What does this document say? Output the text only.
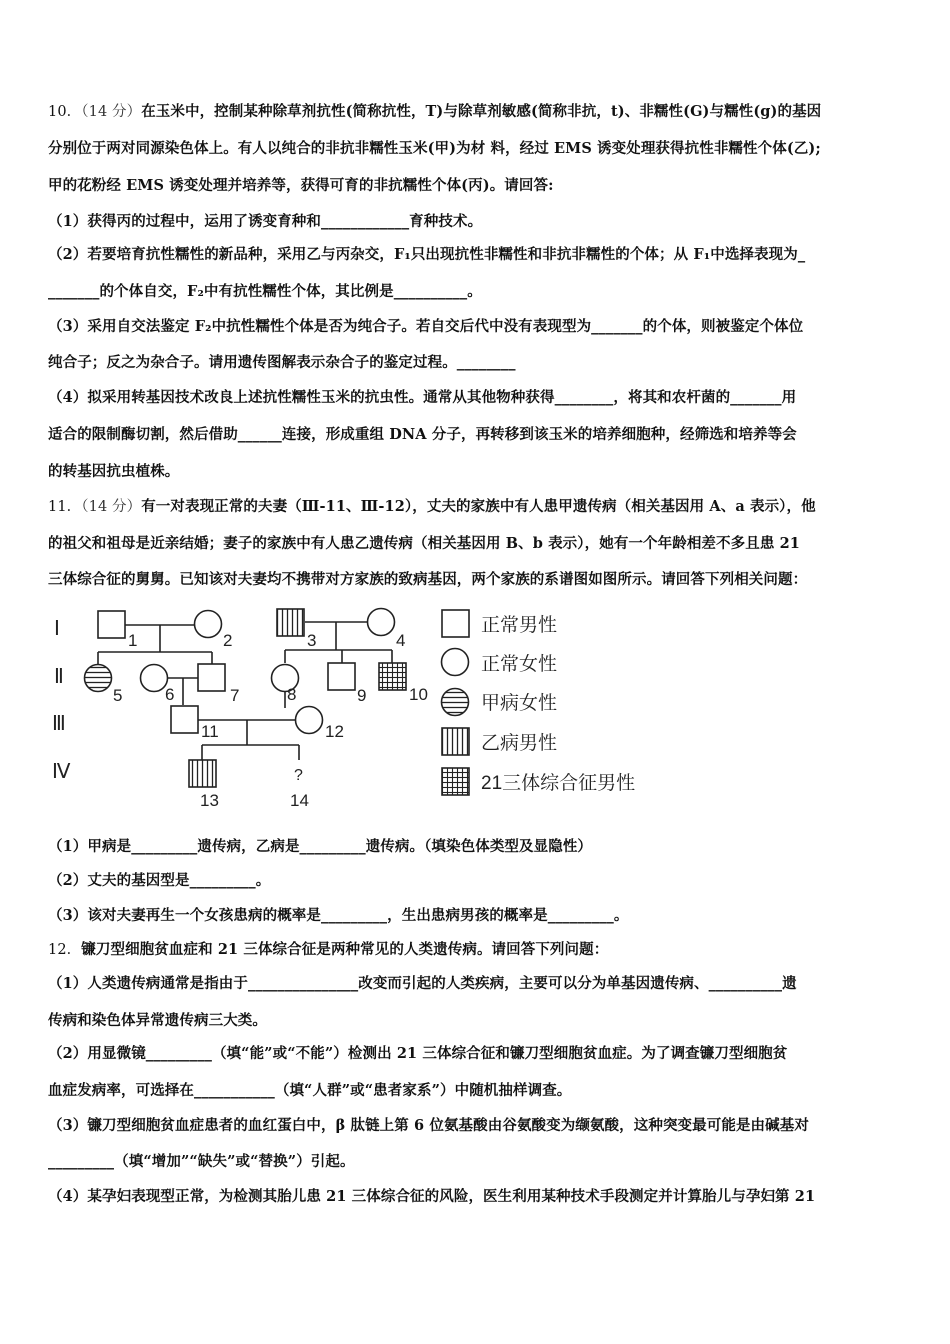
10．（14 分）在玉米中，控制某种除草剂抗性(简称抗性，T)与除草剂敏感(简称非抗，t)、非糯性(G)与糯性(g)的基因
分别位于两对同源染色体上。有人以纯合的非抗非糯性玉米(甲)为材 料，经过 EMS 诱变处理获得抗性非糯性个体(乙);
甲的花粉经 EMS 诱变处理并培养等，获得可育的非抗糯性个体(丙)。请回答:
（1）获得丙的过程中，运用了诱变育种和____________育种技术。
（2）若要培育抗性糯性的新品种，采用乙与丙杂交，F₁只出现抗性非糯性和非抗非糯性的个体；从 F₁中选择表现为_
_______的个体自交，F₂中有抗性糯性个体，其比例是__________。
（3）采用自交法鉴定 F₂中抗性糯性个体是否为纯合子。若自交后代中没有表现型为_______的个体，则被鉴定个体位
纯合子；反之为杂合子。请用遗传图解表示杂合子的鉴定过程。________
（4）拟采用转基因技术改良上述抗性糯性玉米的抗虫性。通常从其他物种获得________，将其和农杆菌的_______用
适合的限制酶切割，然后借助______连接，形成重组 DNA 分子，再转移到该玉米的培养细胞种，经筛选和培养等会
的转基因抗虫植株。
11．（14 分）有一对表现正常的夫妻（Ⅲ-11、Ⅲ-12），丈夫的家族中有人患甲遗传病（相关基因用 A、a 表示），他
的祖父和祖母是近亲结婚；妻子的家族中有人患乙遗传病（相关基因用 B、b 表示），她有一个年龄相差不多且患 21
三体综合征的舅舅。已知该对夫妻均不携带对方家族的致病基因，两个家族的系谱图如图所示。请回答下列相关问题：
Ⅰ
Ⅱ
Ⅲ
Ⅳ
1	2	3	4
5	6	7	8	9	10
11	12
13	14
?
正常男性
正常女性
甲病女性
乙病男性
21三体综合征男性
（1）甲病是_________遗传病，乙病是_________遗传病。（填染色体类型及显隐性）
（2）丈夫的基因型是_________。
（3）该对夫妻再生一个女孩患病的概率是_________，生出患病男孩的概率是_________。
12．镰刀型细胞贫血症和 21 三体综合征是两种常见的人类遗传病。请回答下列问题：
（1）人类遗传病通常是指由于_______________改变而引起的人类疾病，主要可以分为单基因遗传病、__________遗
传病和染色体异常遗传病三大类。
（2）用显微镜_________（填“能”或“不能”）检测出 21 三体综合征和镰刀型细胞贫血症。为了调查镰刀型细胞贫
血症发病率，可选择在___________（填“人群”或“患者家系”）中随机抽样调查。
（3）镰刀型细胞贫血症患者的血红蛋白中，β 肽链上第 6 位氨基酸由谷氨酸变为缬氨酸，这种突变最可能是由碱基对
_________（填“增加”“缺失”或“替换”）引起。
（4）某孕妇表现型正常，为检测其胎儿患 21 三体综合征的风险，医生利用某种技术手段测定并计算胎儿与孕妇第 21
